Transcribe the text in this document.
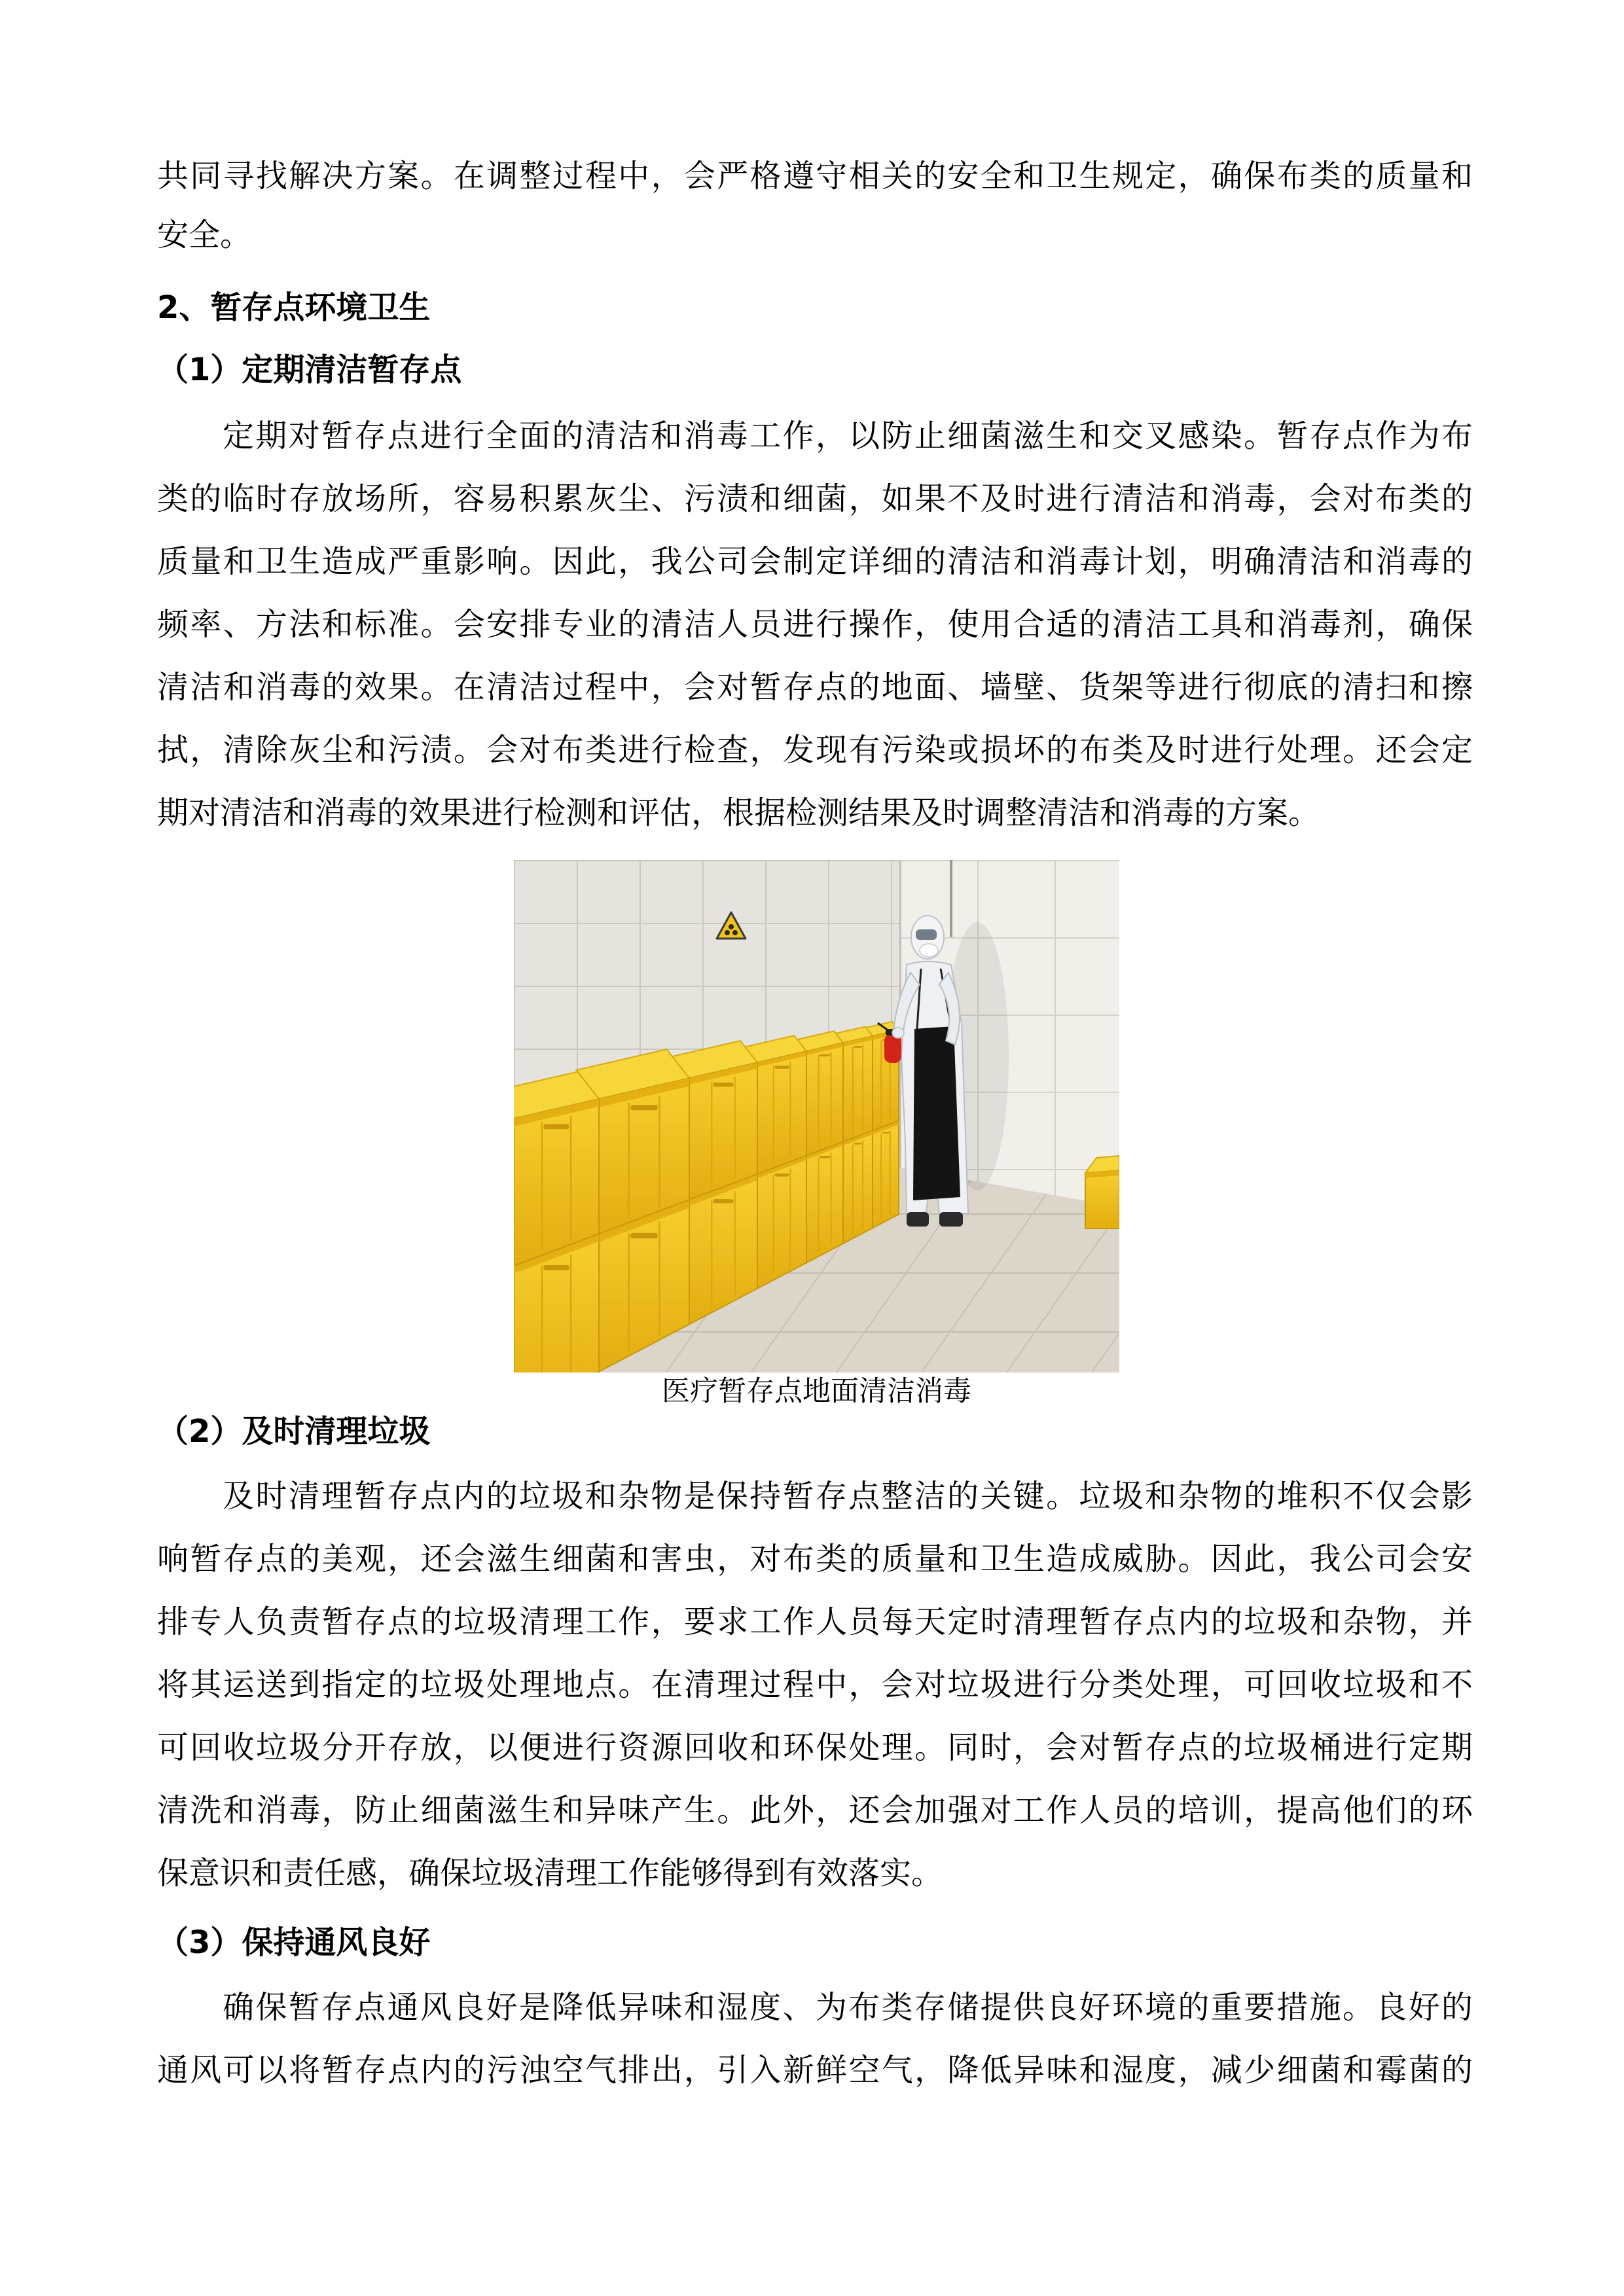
共同寻找解决方案。在调整过程中，会严格遵守相关的安全和卫生规定，确保布类的质量和
安全。
2、暂存点环境卫生
（1）定期清洁暂存点
定期对暂存点进行全面的清洁和消毒工作，以防止细菌滋生和交叉感染。暂存点作为布
类的临时存放场所，容易积累灰尘、污渍和细菌，如果不及时进行清洁和消毒，会对布类的
质量和卫生造成严重影响。因此，我公司会制定详细的清洁和消毒计划，明确清洁和消毒的
频率、方法和标准。会安排专业的清洁人员进行操作，使用合适的清洁工具和消毒剂，确保
清洁和消毒的效果。在清洁过程中，会对暂存点的地面、墙壁、货架等进行彻底的清扫和擦
拭，清除灰尘和污渍。会对布类进行检查，发现有污染或损坏的布类及时进行处理。还会定
期对清洁和消毒的效果进行检测和评估，根据检测结果及时调整清洁和消毒的方案。
医疗暂存点地面清洁消毒
（2）及时清理垃圾
及时清理暂存点内的垃圾和杂物是保持暂存点整洁的关键。垃圾和杂物的堆积不仅会影
响暂存点的美观，还会滋生细菌和害虫，对布类的质量和卫生造成威胁。因此，我公司会安
排专人负责暂存点的垃圾清理工作，要求工作人员每天定时清理暂存点内的垃圾和杂物，并
将其运送到指定的垃圾处理地点。在清理过程中，会对垃圾进行分类处理，可回收垃圾和不
可回收垃圾分开存放，以便进行资源回收和环保处理。同时，会对暂存点的垃圾桶进行定期
清洗和消毒，防止细菌滋生和异味产生。此外，还会加强对工作人员的培训，提高他们的环
保意识和责任感，确保垃圾清理工作能够得到有效落实。
（3）保持通风良好
确保暂存点通风良好是降低异味和湿度、为布类存储提供良好环境的重要措施。良好的
通风可以将暂存点内的污浊空气排出，引入新鲜空气，降低异味和湿度，减少细菌和霉菌的
